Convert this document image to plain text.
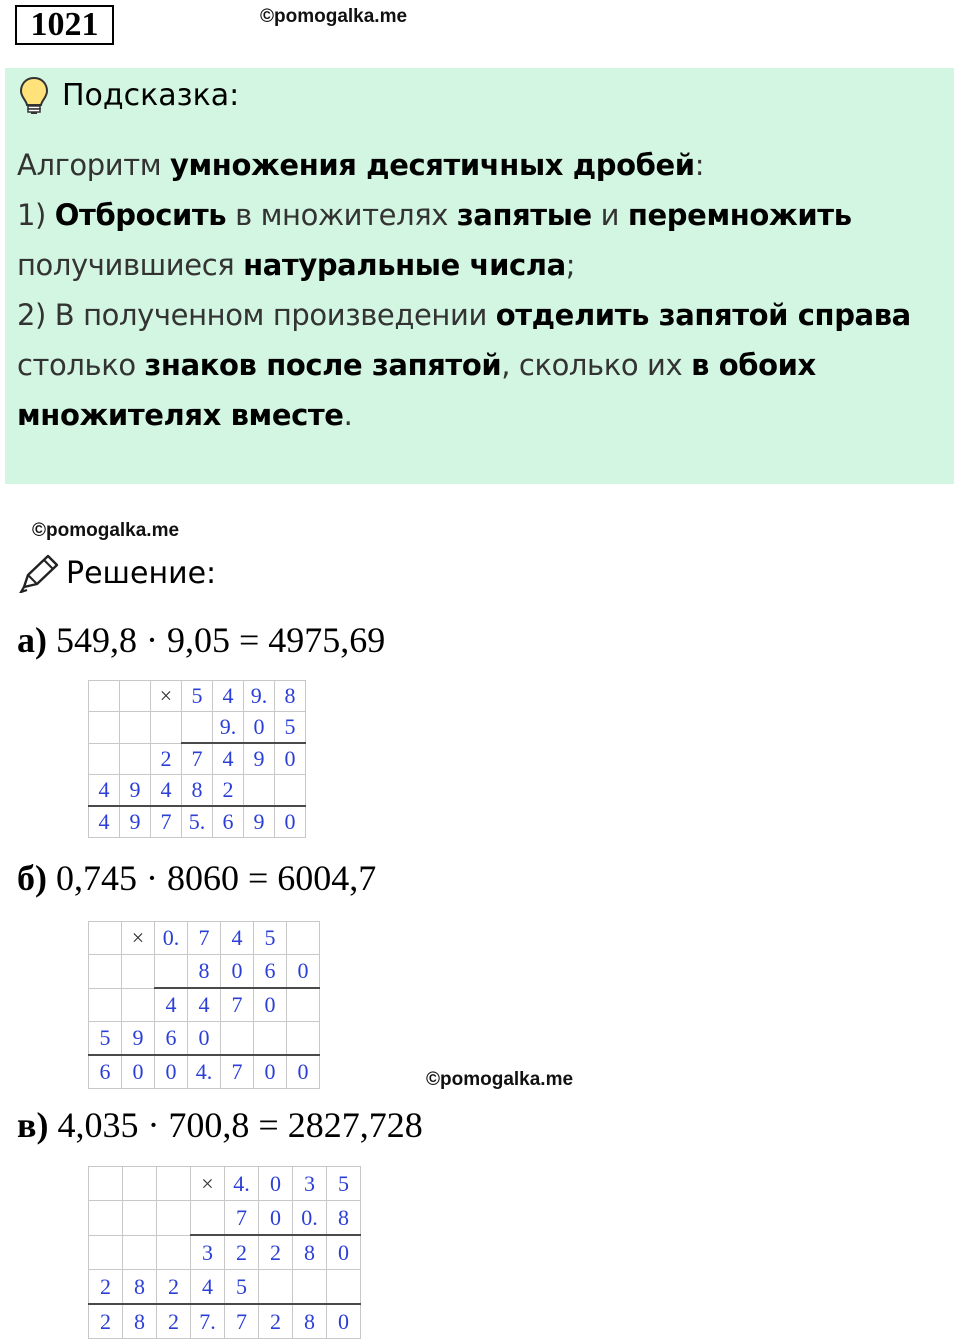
1021	©pomogalka.me
Подсказка:
Алгоритм умножения десятичных дробей:
1) Отбросить в множителях запятые и перемножить
получившиеся натуральные числа;
2) В полученном произведении отделить запятой справа
столько знаков после запятой, сколько их в обоих
множителях вместе.
©pomogalka.me
Решение:
а) 549,8 · 9,05 = 4975,69
		×	5	4	9.	8
				9.	0	5
		2	7	4	9	0
4	9	4	8	2		
4	9	7	5.	6	9	0
б) 0,745 · 8060 = 6004,7
	×	0.	7	4	5	
			8	0	6	0
		4	4	7	0	
5	9	6	0			
6	0	0	4.	7	0	0	©pomogalka.me
в) 4,035 · 700,8 = 2827,728
			×	4.	0	3	5
				7	0	0.	8
			3	2	2	8	0
2	8	2	4	5			
2	8	2	7.	7	2	8	0
